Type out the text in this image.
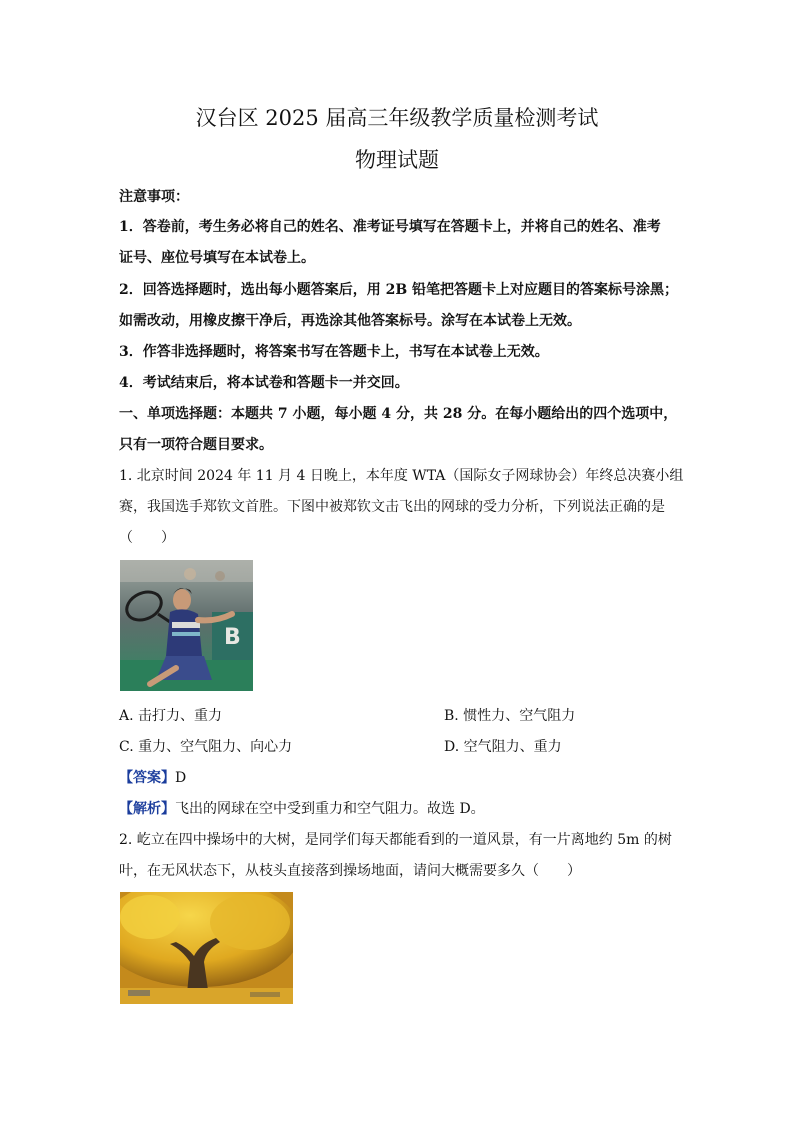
汉台区 2025 届高三年级教学质量检测考试
物理试题
注意事项：
1．答卷前，考生务必将自己的姓名、准考证号填写在答题卡上，并将自己的姓名、准考
证号、座位号填写在本试卷上。
2．回答选择题时，选出每小题答案后，用 2B 铅笔把答题卡上对应题目的答案标号涂黑；
如需改动，用橡皮擦干净后，再选涂其他答案标号。涂写在本试卷上无效。
3．作答非选择题时，将答案书写在答题卡上，书写在本试卷上无效。
4．考试结束后，将本试卷和答题卡一并交回。
一、单项选择题：本题共 7 小题，每小题 4 分，共 28 分。在每小题给出的四个选项中，
只有一项符合题目要求。
1. 北京时间 2024 年 11 月 4 日晚上，本年度 WTA（国际女子网球协会）年终总决赛小组
赛，我国选手郑钦文首胜。下图中被郑钦文击飞出的网球的受力分析，下列说法正确的是
（　　）
B
A. 击打力、重力	B. 惯性力、空气阻力
C. 重力、空气阻力、向心力	D. 空气阻力、重力
【答案】D
【解析】飞出的网球在空中受到重力和空气阻力。故选 D。
2. 屹立在四中操场中的大树，是同学们每天都能看到的一道风景，有一片离地约 5m 的树
叶，在无风状态下，从枝头直接落到操场地面，请问大概需要多久（　　）
